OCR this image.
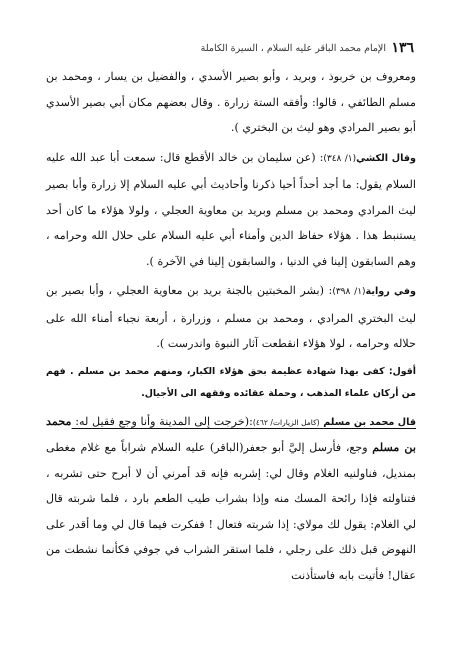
١٣٦
الإمام محمد الباقر عليه السلام ، السيرة الكاملة

ومعروف بن خربوذ ، وبريد ، وأبو بصير الأسدي ، والفضيل بن يسار ، ومحمد بن مسلم الطائفي ، قالوا: وأفقه الستة زرارة . وقال بعضهم مكان أبي بصير الأسدي أبو بصير المرادي وهو ليث بن البختري ).

وقال الكشي(١/ ٣٤٨): (عن سليمان بن خالد الأقطع قال: سمعت أبا عبد الله عليه السلام يقول: ما أجد أحداً أحيا ذكرنا وأحاديث أبي عليه السلام إلا زرارة وأبا بصير ليث المرادي ومحمد بن مسلم وبريد بن معاوية العجلي ، ولولا هؤلاء ما كان أحد يستنبط هذا . هؤلاء حفاظ الدين وأمناء أبي عليه السلام على حلال الله وحرامه ، وهم السابقون إلينا في الدنيا ، والسابقون إلينا في الآخرة ).

وفي رواية(١/ ٣٩٨): (بشر المخبتين بالجنة بريد بن معاوية العجلي ، وأبا بصير بن ليث البختري المرادي ، ومحمد بن مسلم ، وزرارة ، أربعة نجباء أمناء الله على حلاله وحرامه ، لولا هؤلاء انقطعت آثار النبوة واندرست ).

أقول: كفى بهذا شهادة عظيمة بحق هؤلاء الكبار، ومنهم محمد بن مسلم . فهم من أركان علماء المذهب ، وحملة عقائده وفقهه الى الأجيال.

قال محمد بن مسلم (كامل الزيارات/ ٤٦٢):(خرجت إلى المدينة وأنا وجع فقيل له: محمد بن مسلم وجع، فأرسل إليَّ أبو جعفر(الباقر) عليه السلام شراباً مع غلام مغطى بمنديل، فناولنيه الغلام وقال لي: إشربه فإنه قد أمرني أن لا أبرح حتى تشربه ، فتناولته فإذا رائحة المسك منه وإذا بشراب طيب الطعم بارد ، فلما شربته قال لي الغلام: يقول لك مولاي: إذا شربته فتعال ! ففكرت فيما قال لي وما أقدر على النهوض قبل ذلك على رجلي ، فلما استقر الشراب في جوفي فكأنما نشطت من عقال! فأتيت بابه فاستأذنت
